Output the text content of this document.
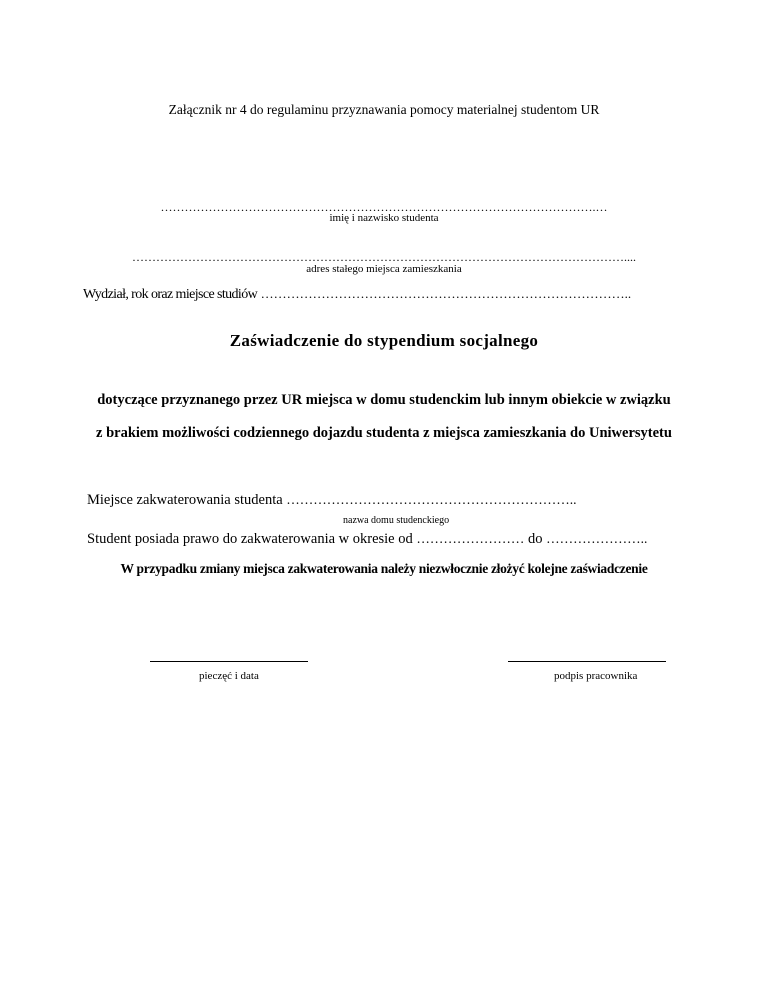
Załącznik nr 4 do regulaminu przyznawania pomocy materialnej studentom UR
……………………………………………………………………………………………….…
imię i nazwisko studenta
……………………………………………………………………………………………………………....
adres stałego miejsca zamieszkania
Wydział, rok oraz miejsce studiów …………………………………………………………………………..
Zaświadczenie do stypendium socjalnego
dotyczące przyznanego przez UR miejsca w domu studenckim lub innym obiekcie w związku
z brakiem możliwości codziennego dojazdu studenta z miejsca zamieszkania do Uniwersytetu
Miejsce zakwaterowania studenta ………………………………………………………..
nazwa domu studenckiego
Student posiada prawo do zakwaterowania w okresie od …………………… do …………………..
W przypadku zmiany miejsca zakwaterowania należy niezwłocznie złożyć kolejne zaświadczenie
pieczęć i data	podpis pracownika
